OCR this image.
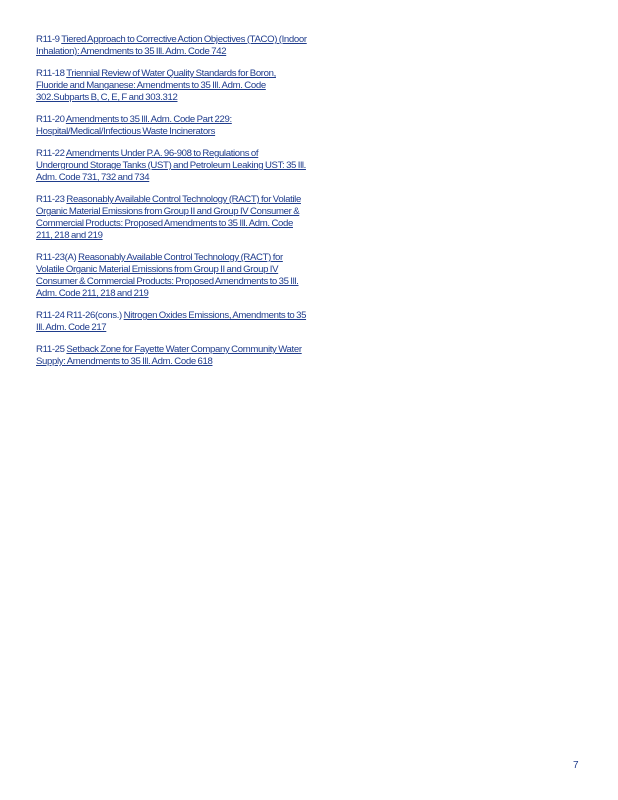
R11-9 Tiered Approach to Corrective Action Objectives (TACO) (Indoor Inhalation): Amendments to 35 Ill. Adm. Code 742

R11-18 Triennial Review of Water Quality Standards for Boron, Fluoride and Manganese: Amendments to 35 Ill. Adm. Code 302.Subparts B, C, E, F and 303.312

R11-20 Amendments to 35 Ill. Adm. Code Part 229: Hospital/Medical/Infectious Waste Incinerators

R11-22 Amendments Under P.A. 96-908 to Regulations of Underground Storage Tanks (UST) and Petroleum Leaking UST: 35 Ill. Adm. Code 731, 732 and 734

R11-23 Reasonably Available Control Technology (RACT) for Volatile Organic Material Emissions from Group II and Group IV Consumer & Commercial Products: Proposed Amendments to 35 Ill. Adm. Code 211, 218 and 219

R11-23(A) Reasonably Available Control Technology (RACT) for Volatile Organic Material Emissions from Group II and Group IV Consumer & Commercial Products: Proposed Amendments to 35 Ill. Adm. Code 211, 218 and 219

R11-24 R11-26(cons.) Nitrogen Oxides Emissions, Amendments to 35 Ill. Adm. Code 217

R11-25 Setback Zone for Fayette Water Company Community Water Supply: Amendments to 35 Ill. Adm. Code 618

7
